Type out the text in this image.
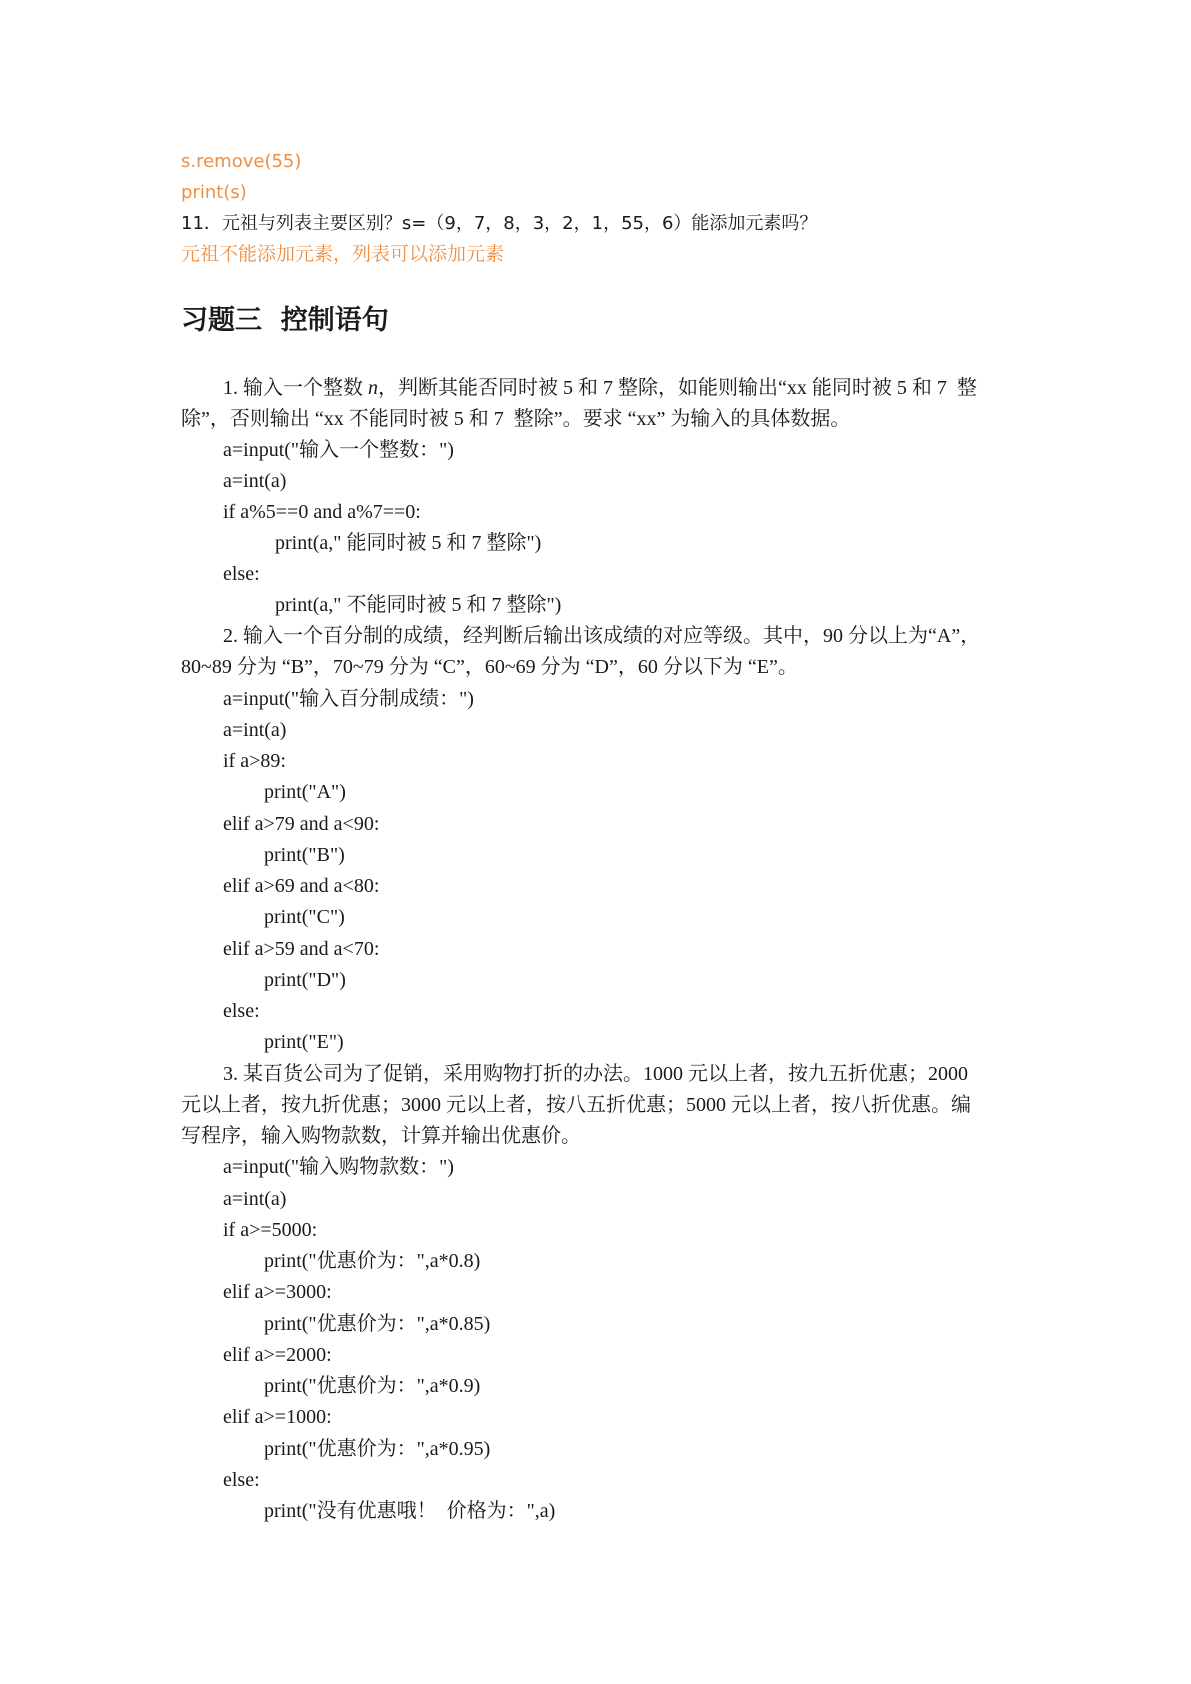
s.remove(55)
print(s)
11．元祖与列表主要区别？s=（9，7，8，3，2，1，55，6）能添加元素吗？
元祖不能添加元素，列表可以添加元素
习题三  控制语句
1. 输入一个整数 n，判断其能否同时被 5 和 7 整除，如能则输出“xx 能同时被 5 和 7  整
除”，否则输出 “xx 不能同时被 5 和 7  整除”。要求 “xx” 为输入的具体数据。
a=input("输入一个整数：")
a=int(a)
if a%5==0 and a%7==0:
print(a," 能同时被 5 和 7 整除")
else:
print(a," 不能同时被 5 和 7 整除")
2. 输入一个百分制的成绩，经判断后输出该成绩的对应等级。其中，90 分以上为“A”，
80~89 分为 “B”，70~79 分为 “C”，60~69 分为 “D”，60 分以下为 “E”。
a=input("输入百分制成绩：")
a=int(a)
if a>89:
print("A")
elif a>79 and a<90:
print("B")
elif a>69 and a<80:
print("C")
elif a>59 and a<70:
print("D")
else:
print("E")
3. 某百货公司为了促销，采用购物打折的办法。1000 元以上者，按九五折优惠；2000
元以上者，按九折优惠；3000 元以上者，按八五折优惠；5000 元以上者，按八折优惠。编
写程序，输入购物款数，计算并输出优惠价。
a=input("输入购物款数：")
a=int(a)
if a>=5000:
print("优惠价为：",a*0.8)
elif a>=3000:
print("优惠价为：",a*0.85)
elif a>=2000:
print("优惠价为：",a*0.9)
elif a>=1000:
print("优惠价为：",a*0.95)
else:
print("没有优惠哦！  价格为：",a)
